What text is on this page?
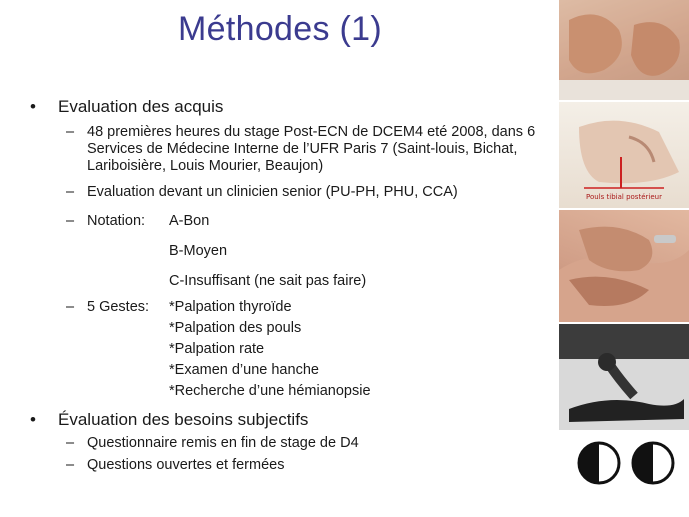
Méthodes (1)
• Evaluation des acquis
– 48 premières heures du stage Post-ECN de DCEM4 eté 2008, dans 6 Services de Médecine Interne de l’UFR Paris 7 (Saint-louis, Bichat, Lariboisière, Louis Mourier, Beaujon)
– Evaluation devant un clinicien senior (PU-PH, PHU, CCA)
– Notation:	A-Bon
B-Moyen
C-Insuffisant (ne sait pas faire)
– 5 Gestes:	*Palpation thyroïde
*Palpation des pouls
*Palpation rate
*Examen d’une hanche
*Recherche d’une hémianopsie
• Évaluation des besoins subjectifs
– Questionnaire remis en fin de stage de D4
– Questions ouvertes et fermées
Pouls tibial postérieur
